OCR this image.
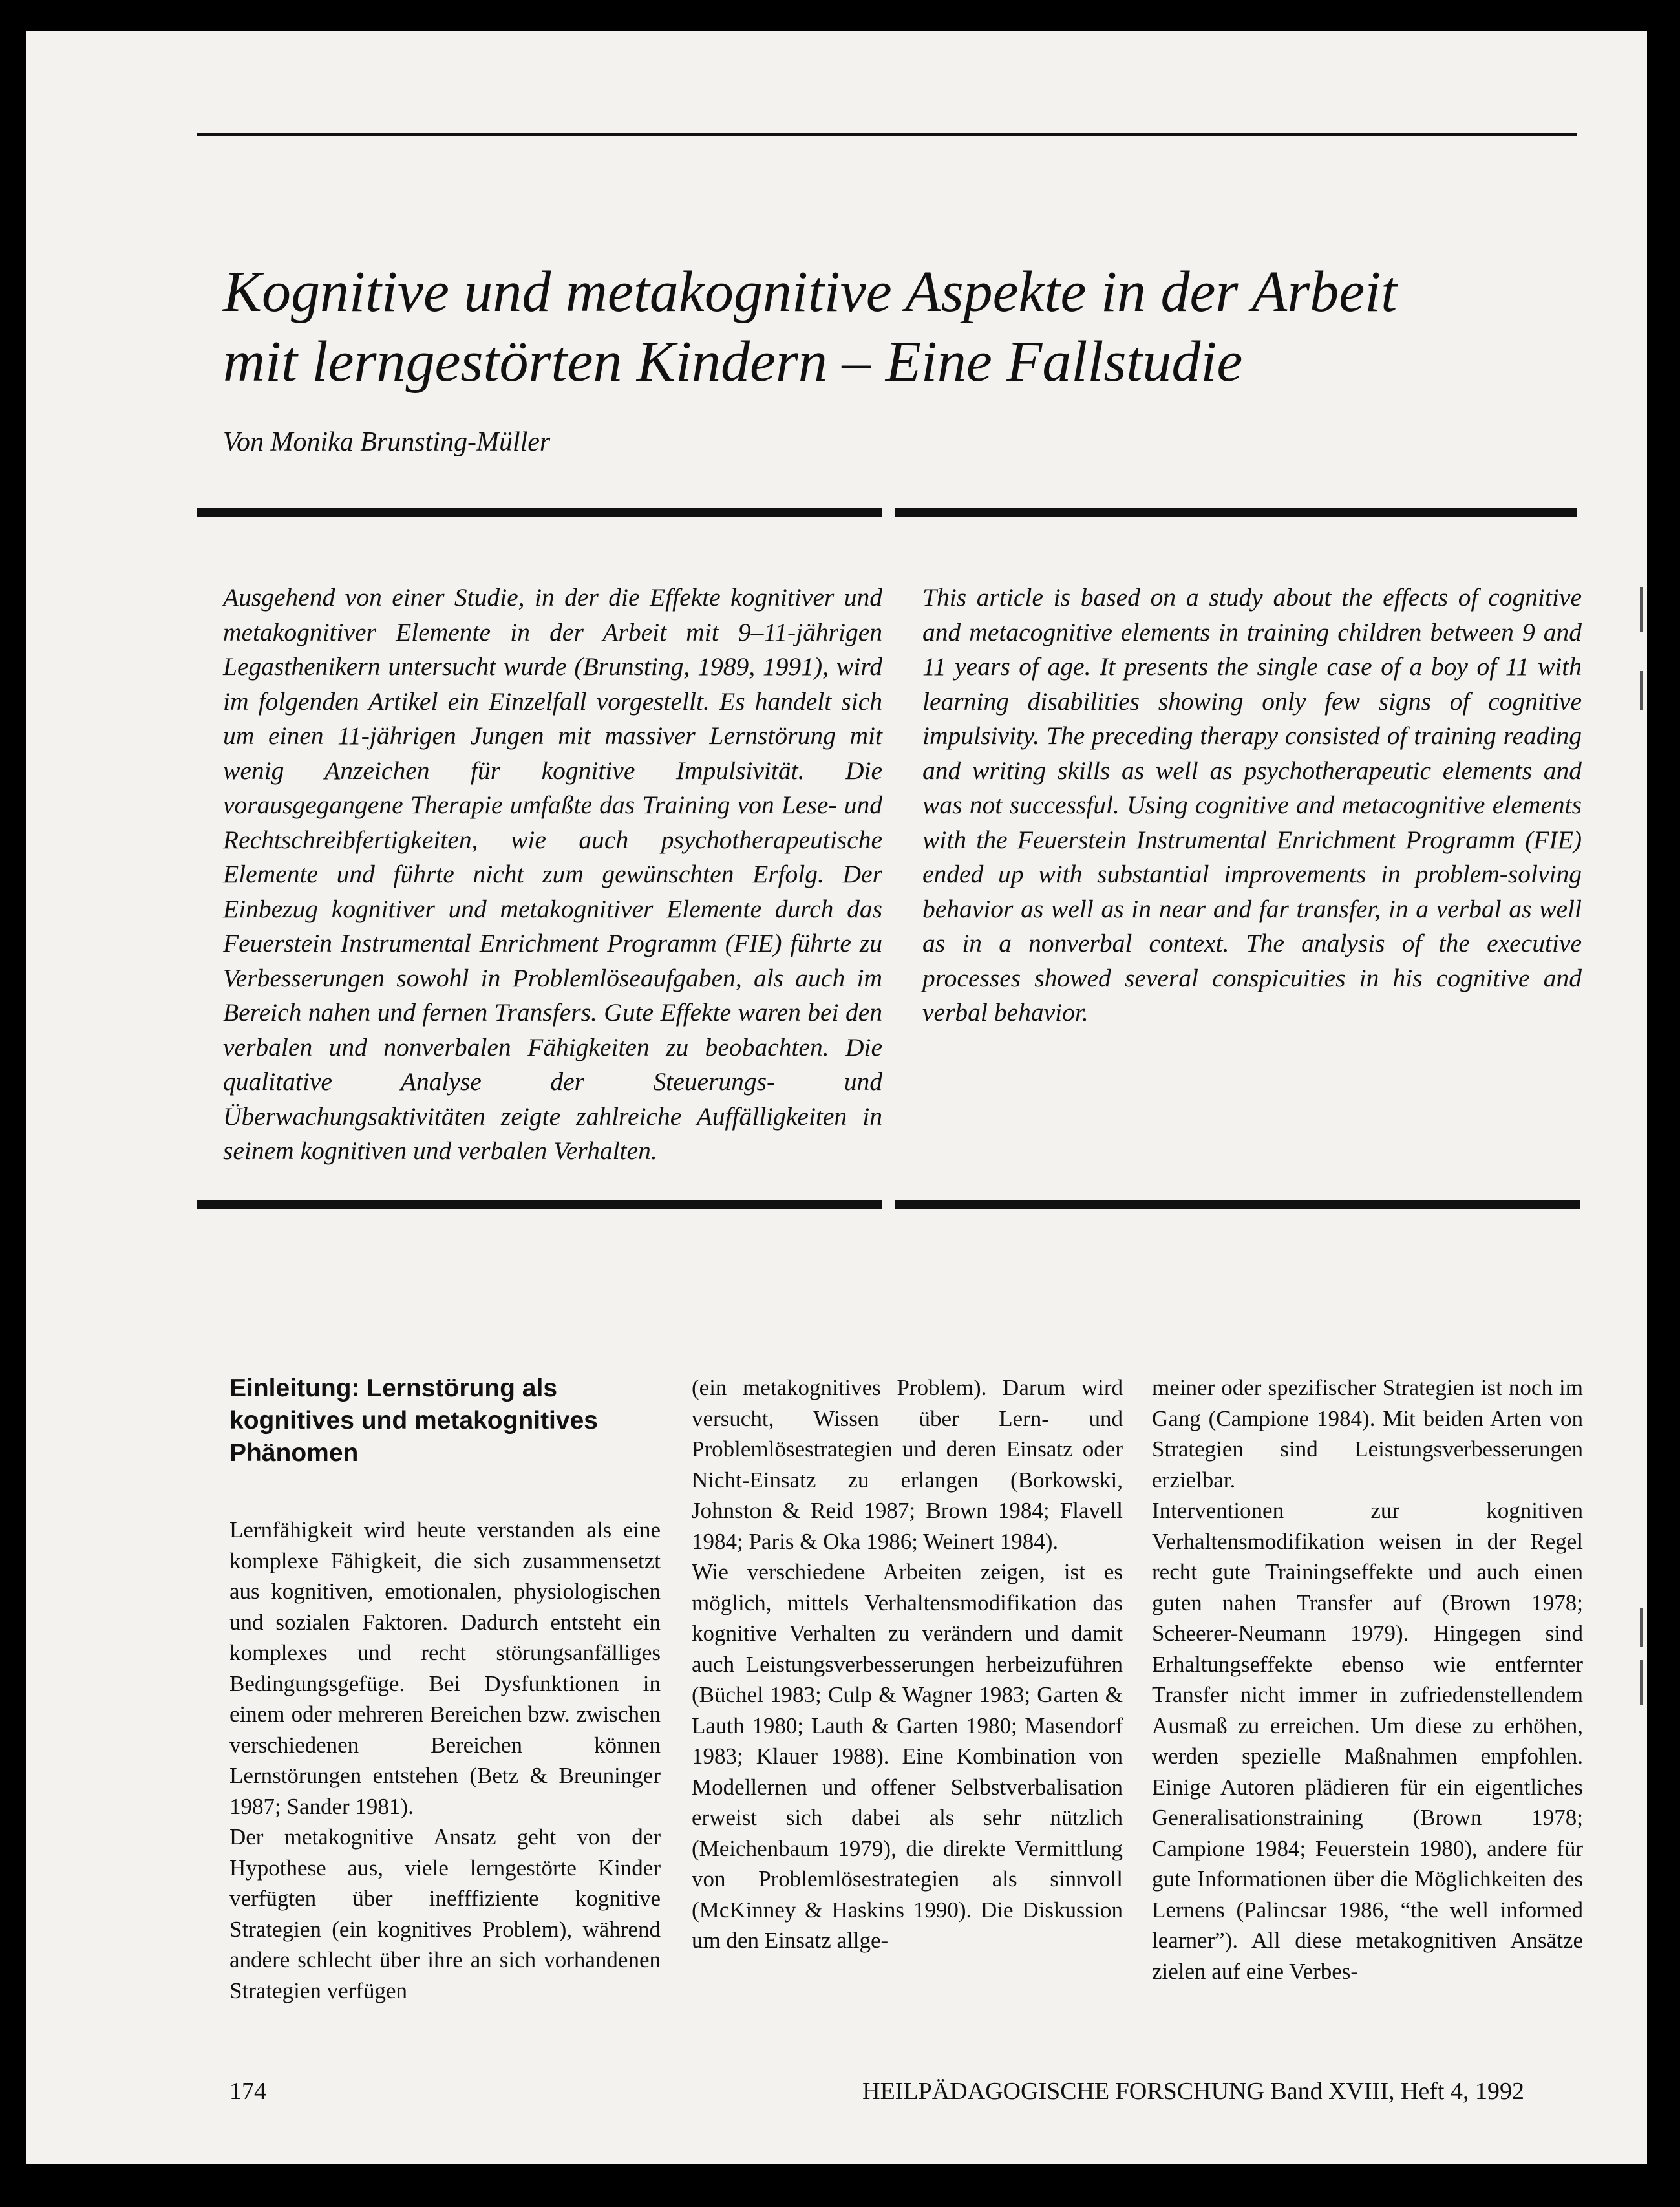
Kognitive und metakognitive Aspekte in der Arbeit
mit lerngestörten Kindern – Eine Fallstudie
Von Monika Brunsting-Müller

Ausgehend von einer Studie, in der die Effekte kognitiver und metakognitiver Elemente in der Arbeit mit 9–11-jährigen Legasthenikern untersucht wurde (Brunsting, 1989, 1991), wird im folgenden Artikel ein Einzelfall vorgestellt. Es handelt sich um einen 11-jährigen Jungen mit massiver Lernstörung mit wenig Anzeichen für kognitive Impulsivität. Die vorausgegangene Therapie umfaßte das Training von Lese- und Rechtschreibfertigkeiten, wie auch psychotherapeutische Elemente und führte nicht zum gewünschten Erfolg. Der Einbezug kognitiver und metakognitiver Elemente durch das Feuerstein Instrumental Enrichment Programm (FIE) führte zu Verbesserungen sowohl in Problemlöseaufgaben, als auch im Bereich nahen und fernen Transfers. Gute Effekte waren bei den verbalen und nonverbalen Fähigkeiten zu beobachten. Die qualitative Analyse der Steuerungs- und Überwachungsaktivitäten zeigte zahlreiche Auffälligkeiten in seinem kognitiven und verbalen Verhalten.

This article is based on a study about the effects of cognitive and metacognitive elements in training children between 9 and 11 years of age. It presents the single case of a boy of 11 with learning disabilities showing only few signs of cognitive impulsivity. The preceding therapy consisted of training reading and writing skills as well as psychotherapeutic elements and was not successful. Using cognitive and metacognitive elements with the Feuerstein Instrumental Enrichment Programm (FIE) ended up with substantial improvements in problem-solving behavior as well as in near and far transfer, in a verbal as well as in a nonverbal context. The analysis of the executive processes showed several conspicuities in his cognitive and verbal behavior.

Einleitung: Lernstörung als kognitives und metakognitives Phänomen

Lernfähigkeit wird heute verstanden als eine komplexe Fähigkeit, die sich zusammensetzt aus kognitiven, emotionalen, physiologischen und sozialen Faktoren. Dadurch entsteht ein komplexes und recht störungsanfälliges Bedingungsgefüge. Bei Dysfunktionen in einem oder mehreren Bereichen bzw. zwischen verschiedenen Bereichen können Lernstörungen entstehen (Betz & Breuninger 1987; Sander 1981).

Der metakognitive Ansatz geht von der Hypothese aus, viele lerngestörte Kinder verfügten über inefffiziente kognitive Strategien (ein kognitives Problem), während andere schlecht über ihre an sich vorhandenen Strategien verfügen

(ein metakognitives Problem). Darum wird versucht, Wissen über Lern- und Problemlösestrategien und deren Einsatz oder Nicht-Einsatz zu erlangen (Borkowski, Johnston & Reid 1987; Brown 1984; Flavell 1984; Paris & Oka 1986; Weinert 1984).

Wie verschiedene Arbeiten zeigen, ist es möglich, mittels Verhaltensmodifikation das kognitive Verhalten zu verändern und damit auch Leistungsverbesserungen herbeizuführen (Büchel 1983; Culp & Wagner 1983; Garten & Lauth 1980; Lauth & Garten 1980; Masendorf 1983; Klauer 1988). Eine Kombination von Modellernen und offener Selbstverbalisation erweist sich dabei als sehr nützlich (Meichenbaum 1979), die direkte Vermittlung von Problemlösestrategien als sinnvoll (McKinney & Haskins 1990). Die Diskussion um den Einsatz allge-

meiner oder spezifischer Strategien ist noch im Gang (Campione 1984). Mit beiden Arten von Strategien sind Leistungsverbesserungen erzielbar.

Interventionen zur kognitiven Verhaltensmodifikation weisen in der Regel recht gute Trainingseffekte und auch einen guten nahen Transfer auf (Brown 1978; Scheerer-Neumann 1979). Hingegen sind Erhaltungseffekte ebenso wie entfernter Transfer nicht immer in zufriedenstellendem Ausmaß zu erreichen. Um diese zu erhöhen, werden spezielle Maßnahmen empfohlen. Einige Autoren plädieren für ein eigentliches Generalisationstraining (Brown 1978; Campione 1984; Feuerstein 1980), andere für gute Informationen über die Möglichkeiten des Lernens (Palincsar 1986, “the well informed learner”). All diese metakognitiven Ansätze zielen auf eine Verbes-

174	HEILPÄDAGOGISCHE FORSCHUNG Band XVIII, Heft 4, 1992
